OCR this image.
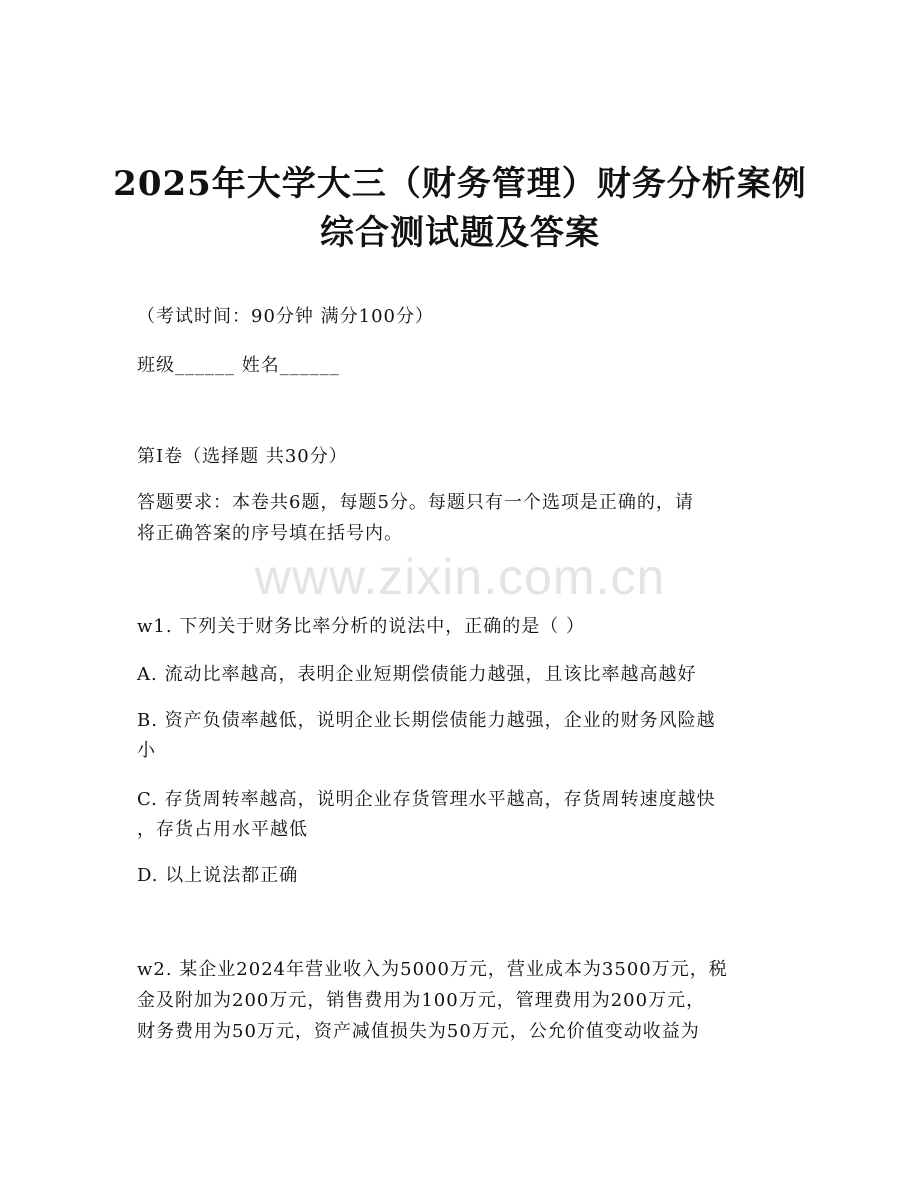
2025年大学大三（财务管理）财务分析案例
综合测试题及答案
（考试时间：90分钟 满分100分）
班级______ 姓名______
第I卷（选择题 共30分）
答题要求：本卷共6题，每题5分。每题只有一个选项是正确的，请
将正确答案的序号填在括号内。
www.zixin.com.cn
w1. 下列关于财务比率分析的说法中，正确的是（ ）
A. 流动比率越高，表明企业短期偿债能力越强，且该比率越高越好
B. 资产负债率越低，说明企业长期偿债能力越强，企业的财务风险越
小
C. 存货周转率越高，说明企业存货管理水平越高，存货周转速度越快
，存货占用水平越低
D. 以上说法都正确
w2. 某企业2024年营业收入为5000万元，营业成本为3500万元，税
金及附加为200万元，销售费用为100万元，管理费用为200万元，
财务费用为50万元，资产减值损失为50万元，公允价值变动收益为
